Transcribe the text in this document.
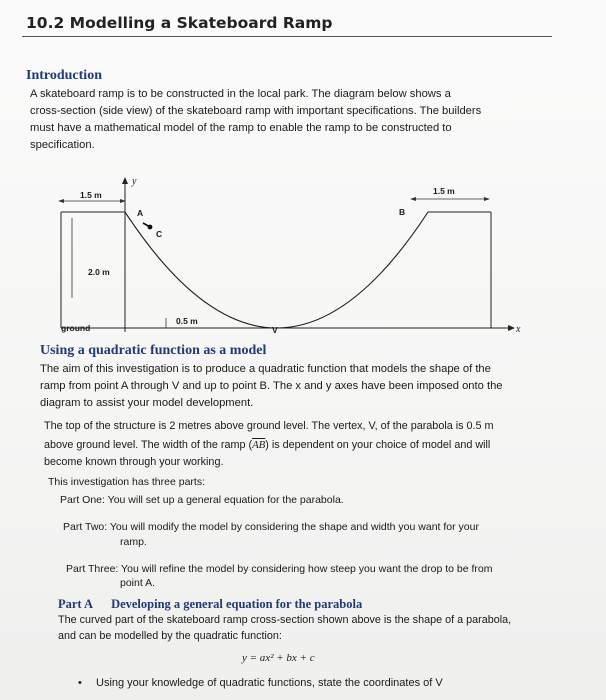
10.2 Modelling a Skateboard Ramp
Introduction
A skateboard ramp is to be constructed in the local park. The diagram below shows a
cross-section (side view) of the skateboard ramp with important specifications. The builders
must have a mathematical model of the ramp to enable the ramp to be constructed to
specification.
y
x
ground
1.5 m
2.0 m
1.5 m
0.5 m
A	B
C
V
Using a quadratic function as a model
The aim of this investigation is to produce a quadratic function that models the shape of the
ramp from point A through V and up to point B. The x and y axes have been imposed onto the
diagram to assist your model development.
The top of the structure is 2 metres above ground level. The vertex, V, of the parabola is 0.5 m
above ground level. The width of the ramp $(\overline{AB})$ is dependent on your choice of model and will
become known through your working.
This investigation has three parts:
Part One: You will set up a general equation for the parabola.
Part Two: You will modify the model by considering the shape and width you want for your
ramp.
Part Three: You will refine the model by considering how steep you want the drop to be from
point A.
Part A Developing a general equation for the parabola
The curved part of the skateboard ramp cross-section shown above is the shape of a parabola,
and can be modelled by the quadratic function:
y = ax² + bx + c
• Using your knowledge of quadratic functions, state the coordinates of V
